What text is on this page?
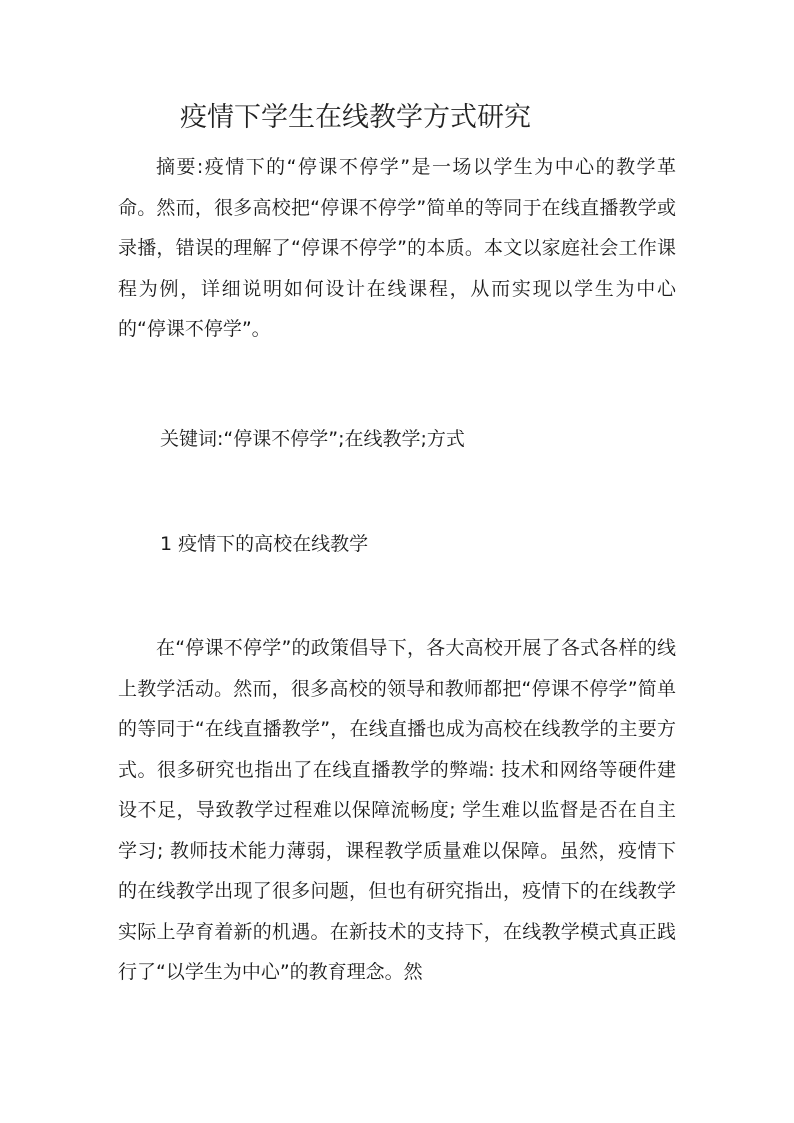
疫情下学生在线教学方式研究

摘要:疫情下的“停课不停学”是一场以学生为中心的教学革命。然而，很多高校把“停课不停学”简单的等同于在线直播教学或录播，错误的理解了“停课不停学”的本质。本文以家庭社会工作课程为例，详细说明如何设计在线课程，从而实现以学生为中心的“停课不停学”。

关键词:“停课不停学”;在线教学;方式
1 疫情下的高校在线教学

在“停课不停学”的政策倡导下，各大高校开展了各式各样的线上教学活动。然而，很多高校的领导和教师都把“停课不停学”简单的等同于“在线直播教学”，在线直播也成为高校在线教学的主要方式。很多研究也指出了在线直播教学的弊端: 技术和网络等硬件建设不足，导致教学过程难以保障流畅度; 学生难以监督是否在自主学习; 教师技术能力薄弱，课程教学质量难以保障。虽然，疫情下的在线教学出现了很多问题，但也有研究指出，疫情下的在线教学实际上孕育着新的机遇。在新技术的支持下，在线教学模式真正践行了“以学生为中心”的教育理念。然
